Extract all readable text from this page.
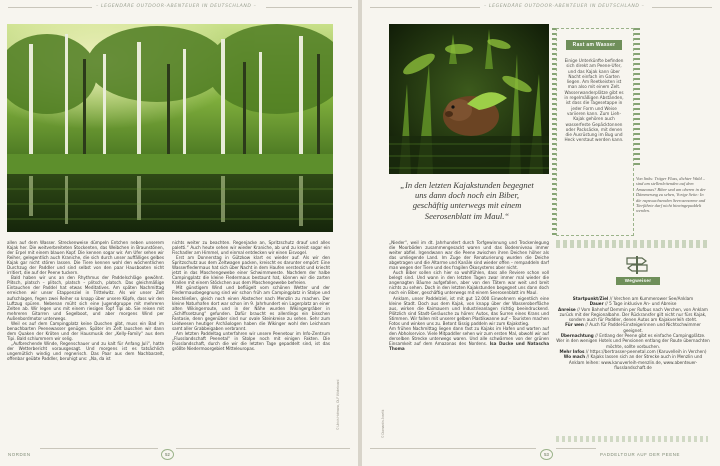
– LEGENDÄRE OUTDOOR-ABENTEUER IN DEUTSCHLAND –
© Ulrich Hofmann, OLF Whiteboard

allen auf dem Wasser. Streckenweise dümpeln Entchen neben unserem Kajak her. Die weitverbreiteten Stockenten, das Weibchen in Braunstönen, der Erpel mit einem blauen Kopf. Die kennen sogar wir. Am Ufer sehen wir Reiher, gelegentlich auch Kraniche, die sich durch unser auffälliges gelbes Kajak gar nicht stören lassen. Die Tiere kennen wohl den wöchentlichen Durchzug der Paddler und sind selbst von den paar Hausbooten nicht irritiert, die auf der Peene tuckern.

Bald haben wir uns an den Rhythmus der Paddelschläge gewöhnt. Plitsch, platsch – plitsch, platsch – plitsch, platsch. Das gleichmäßige Eintauchen der Paddel hat etwas Meditatives. Am späten Nachmittag erreichen wir unser Etappenziel in Trittelwitz. Als wir unser Zelt aufschlagen, fegen zwei Reiher so knapp über unsere Köpfe, dass wir den Luftzug spüren. Nebenan müht sich eine Jugendgruppe mit mehreren Zelten ab. Wir legen uns mit einem riesigen Topf Tipi ab. Sie reisen mit mehreren Gitarren und Segelboot, und aber morgens Wind per Außenbordmotor unterwegs.

Weil es auf dem Campingplatz keine Duschen gibt, muss ein Bad im benachbarten Peenewasser genügen. Später im Zelt lauschen wir dann dem Quaken der Kröten und der Hausmusik der „Kelly-Family“ aus dem Tipi. Bald schlummern wir selig.

„Aufbrechende Winde, Regenschauer und zu kalt für Anfang Juli“, hatte der Wetterbericht vorausgesagt. Und morgens ist es tatsächlich ungemütlich windig und regnerisch. Das Paar aus dem Nachbarzelt, offenbar geübte Paddler, beruhigt uns: „Na, da ist

nichts weiter zu beachten. Regenjacke an, Spritzschutz drauf und alles paletti.“ Auch heute sehen wir wieder Kraniche, ab und zu kreist sogar ein Fischadler am Himmel, und einmal entdecken wir einen Eisvogel.

Erst am Donnerstag in Gützkow klart es wieder auf. Als wir den Spritzschutz aus dem Zeltwagen packen, kreischt es darunter empört: Eine Wasserfledermaus hat sich über Nacht in dem Haufen versteckt und kriecht jetzt in das Maschengewebe einer Schwimmweste. Nachdem der halbe Campingplatz die kleine Fledermaus bestaunt hat, können wir die zarten Krallen mit einem Stöckchen aus dem Maschengewebe befreien.

Mit günstigem Wind und beflügelt vom schönen Wetter und der Fledermausbegegnung sind wir schon früh am Campingplatz in Stolpe und beschließen, gleich noch einen Abstecher nach Menzlin zu machen. Der kleine Naturhafen dort war schon im 9. Jahrhundert ein Lagerplatz an einer alten Wikingerroute, und in der Nähe wurden Wikingergräber in „Schiffssetzung“ gefunden. Dafür braucht es allerdings ein bisschen Fantasie, denn gegenüber sind nur ovale Steinkreise zu sehen. Sehr zum Leidwesen heutiger Archäologen haben die Wikinger wohl den Leichnam samt aller Grabbeigaben verbrannt.

Am letzten Paddeltag unterfahren wir unsere Peenetour im Info-Zentrum „Flusslandschaft Peenetal“ in Stolpe noch mit einigen Fakten. Die Flusslandschaft, durch die wir die letzten Tage gepaddelt sind, ist das größte Niedermoorgebiet Mitteleuropas.

NORDEN	52
– LEGENDÄRE OUTDOOR-ABENTEUER IN DEUTSCHLAND –
© Diamantin Josefik
„In den letzten Kajakstunden begegnet uns dann doch noch ein Biber, geschäftig unterwegs mit einem Seerosenblatt im Maul.“
Rast am Wasser
Einige Unterkünfte befinden sich direkt am Peene-Ufer, und das Kajak kann über Nacht einfach im Garten liegen. Am Reetkeisten ist man also mit einem Zelt. Wasserwanderplätze gibt es in regelmäßigen Abständen, ist dass die Tagesetappe in jeder Form und Weise variieren kann. Zum Lieh-Kajak gehören auch wasserfeste Gepäcktonnen oder Packsäcke, mit denen die Ausrüstung im Bug und Heck verstaut werden kann.
Von links: Träger Fluss, dichter Wald – sind am stellenleitenden auf dem Amazonas? Biber und am oberen in der Dämmerung zu sehen, Vorige Seite: In die rapswachsenden Seerosenarme und Tierfährte darf nicht hineingepaddelt werden.

„Nieder“, weil im dt. Jahrhundert durch Torfgewinnung und Trockenlegung die Moorböden zusammengesackt waren und das Bodenniveau immer weiter abfiel. Irgendwann war die Peene zwischen ihren Deichen höher als das umliegende Land. Im Zuge der Renaturierung wurden die Deiche abgetragen und die Altarme und Kanäle sind wieder offen – rempaddeln darf man wegen der Tiere und des fragilen Ökosystems aber nicht.

Auch Biber sollen sich hier so wohlfühlen, dass alle Reviere schon voll belegt sind. Und wann in den letzten Tagen zwar immer mal wieder die angenagten Bäume aufgefallen, aber von den Tätern war weit und breit nichts zu sehen. Doch in den letzten Kajakstunden begegnet uns dann doch noch ein Biber, geschäftig unterwegs mit einem Seerosenblatt im Maul.

Anklam, unser Paddelziel, ist mit gut 12.000 Einwohnern eigentlich eine kleine Stadt. Doch aus dem Kajak, von knapp über der Wasseroberfläche aus, wirken die Kaimauern und Industrieanlagen richtig beeindruckend. Plötzlich sind Stadt-Geräusche zu hören: Autos, das Surren eines Krans und Stimmen. Wir fallen mit unserer gelben Plastikwanne auf – Touristen machen Fotos und winken uns zu. Betont lässig paddeln wir zum Kajakstieg.

Am frühen Nachmittag liegen dann fast zu Kajaks im Hafen und warten auf den Abholservice. Viele Mitpaddler sehen wir zum ersten Mal, obwohl wir auf derselben Strecke unterwegs waren. Und alle schwärmen von der grünen Einsamkeit auf dem Amazonas des Nordens. Isa Ducke und Natascha Thoma
Wegweiser
Startpunkt/Ziel // Verchen am Kummerower See/Anklam
Dauer // 5 Tage inklusive An- und Abreise
Anreise // Vom Bahnhof Demmin per Rufbus nach Verchen, von Anklam zurück mit der Regionalbahn. Der Rückransfer gilt nicht nur fürs Kajak, sondern auch für Paddler, denen Autos am Kajakverleih steht.
Für wen // Auch für Paddel-Einsteigerinnen und Nichtschwimmer geeignet.
Übernachtung // Entlang der Peene gibt es einfache Campingplätze. Wer in den wenigen Hotels und Pensionen entlang der Route übernachten möchte, sollte vorbuchen.
Mehr Infos // https://bertrasser-peenetal.com (Karuvelleih in Verchen)
Wo mach // Kajaks lassen sich an der Strecke auch in Menzlin und Anklam leihen: www.kanuverleih-menzlin.de, www.abenteuer-flusslandschaft.de
53	PADDELTOUR AUF DER PEENE
